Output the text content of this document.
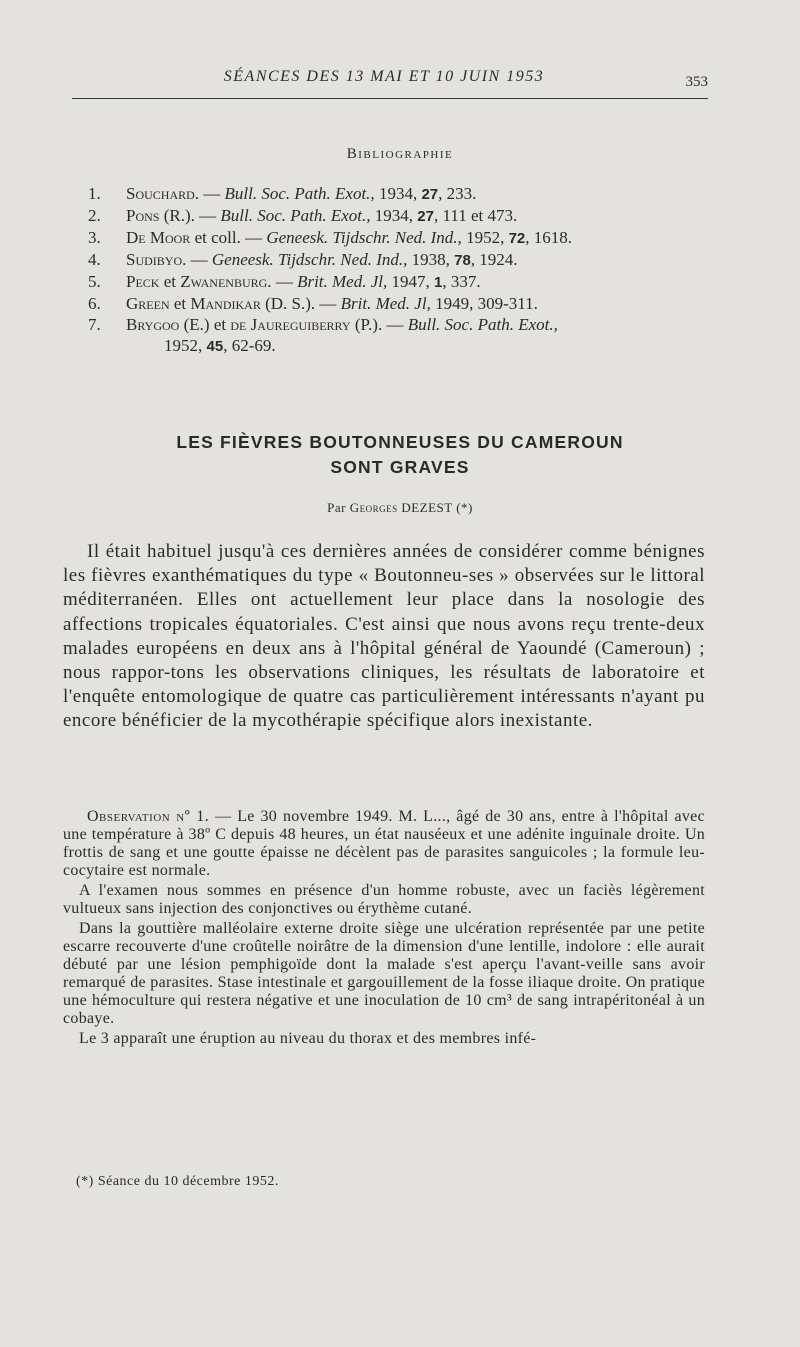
SÉANCES DES 13 MAI ET 10 JUIN 1953	353
Bibliographie
1. Souchard. — Bull. Soc. Path. Exot., 1934, 27, 233.
2. Pons (R.). — Bull. Soc. Path. Exot., 1934, 27, 111 et 473.
3. De Moor et coll. — Geneesk. Tijdschr. Ned. Ind., 1952, 72, 1618.
4. Sudibyo. — Geneesk. Tijdschr. Ned. Ind., 1938, 78, 1924.
5. Peck et Zwanenburg. — Brit. Med. Jl, 1947, 1, 337.
6. Green et Mandikar (D. S.). — Brit. Med. Jl, 1949, 309-311.
7. Brygoo (E.) et de Jaureguiberry (P.). — Bull. Soc. Path. Exot.,
1952, 45, 62-69.
LES FIÈVRES BOUTONNEUSES DU CAMEROUN
SONT GRAVES
Par Georges DEZEST (*)

Il était habituel jusqu'à ces dernières années de considérer comme bénignes les fièvres exanthématiques du type « Boutonneu-ses » observées sur le littoral méditerranéen. Elles ont actuellement leur place dans la nosologie des affections tropicales équatoriales. C'est ainsi que nous avons reçu trente-deux malades européens en deux ans à l'hôpital général de Yaoundé (Cameroun) ; nous rappor-tons les observations cliniques, les résultats de laboratoire et l'enquête entomologique de quatre cas particulièrement intéressants n'ayant pu encore bénéficier de la mycothérapie spécifique alors inexistante.

Observation nº 1. — Le 30 novembre 1949. M. L..., âgé de 30 ans, entre à l'hôpital avec une température à 38º C depuis 48 heures, un état nauséeux et une adénite inguinale droite. Un frottis de sang et une goutte épaisse ne décèlent pas de parasites sanguicoles ; la formule leu-cocytaire est normale.

A l'examen nous sommes en présence d'un homme robuste, avec un faciès légèrement vultueux sans injection des conjonctives ou érythème cutané.

Dans la gouttière malléolaire externe droite siège une ulcération représentée par une petite escarre recouverte d'une croûtelle noirâtre de la dimension d'une lentille, indolore : elle aurait débuté par une lésion pemphigoïde dont la malade s'est aperçu l'avant-veille sans avoir remarqué de parasites. Stase intestinale et gargouillement de la fosse iliaque droite. On pratique une hémoculture qui restera négative et une inoculation de 10 cm³ de sang intrapéritonéal à un cobaye.

Le 3 apparaît une éruption au niveau du thorax et des membres infé-

(*) Séance du 10 décembre 1952.
